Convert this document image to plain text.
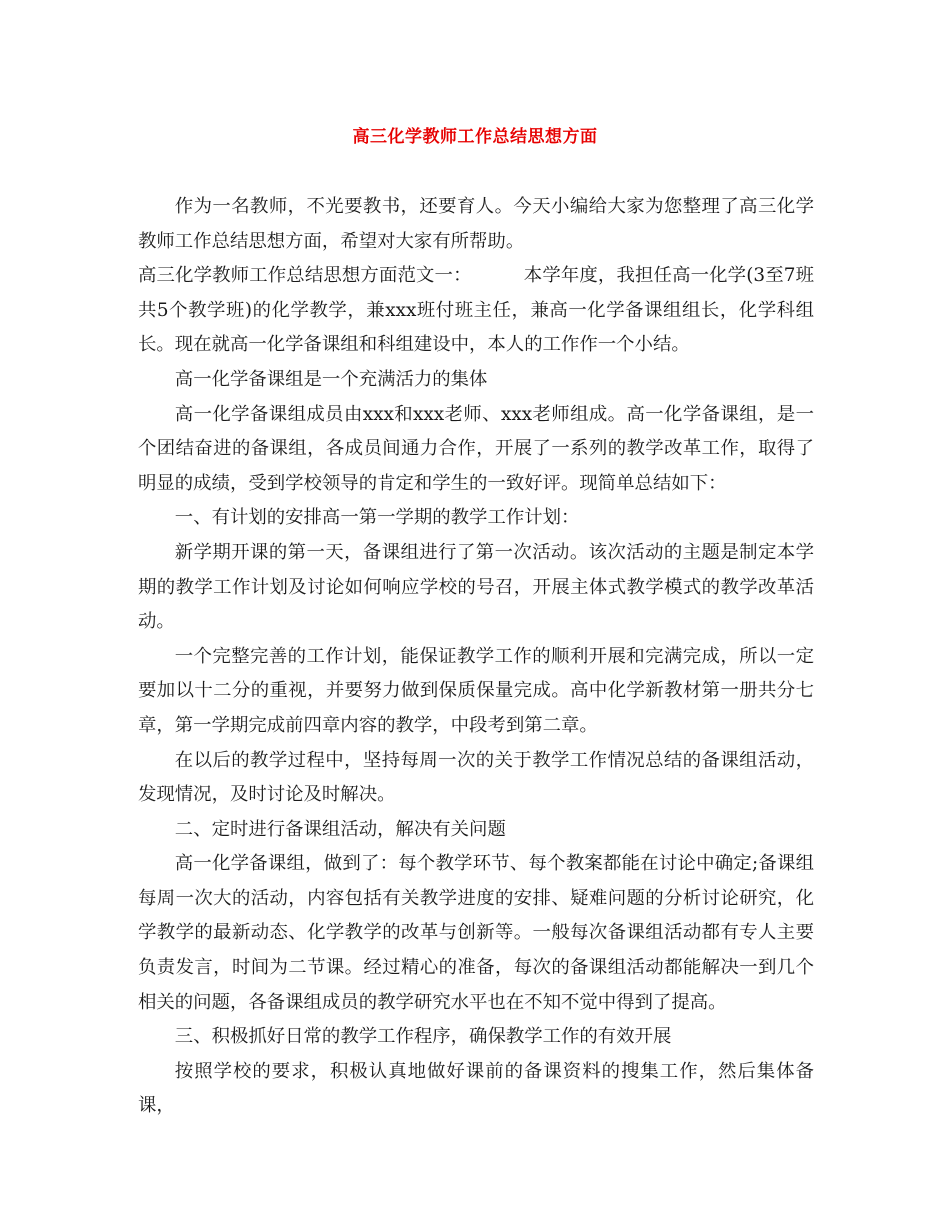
高三化学教师工作总结思想方面

作为一名教师，不光要教书，还要育人。今天小编给大家为您整理了高三化学教师工作总结思想方面，希望对大家有所帮助。

高三化学教师工作总结思想方面范文一：	本学年度，我担任高一化学(3至7班共5个教学班)的化学教学，兼xxx班付班主任，兼高一化学备课组组长，化学科组长。现在就高一化学备课组和科组建设中，本人的工作作一个小结。

高一化学备课组是一个充满活力的集体

高一化学备课组成员由xxx和xxx老师、xxx老师组成。高一化学备课组，是一个团结奋进的备课组，各成员间通力合作，开展了一系列的教学改革工作，取得了明显的成绩，受到学校领导的肯定和学生的一致好评。现简单总结如下：

一、有计划的安排高一第一学期的教学工作计划：

新学期开课的第一天，备课组进行了第一次活动。该次活动的主题是制定本学期的教学工作计划及讨论如何响应学校的号召，开展主体式教学模式的教学改革活动。

一个完整完善的工作计划，能保证教学工作的顺利开展和完满完成，所以一定要加以十二分的重视，并要努力做到保质保量完成。高中化学新教材第一册共分七章，第一学期完成前四章内容的教学，中段考到第二章。

在以后的教学过程中，坚持每周一次的关于教学工作情况总结的备课组活动，发现情况，及时讨论及时解决。

二、定时进行备课组活动，解决有关问题

高一化学备课组，做到了：每个教学环节、每个教案都能在讨论中确定;备课组每周一次大的活动，内容包括有关教学进度的安排、疑难问题的分析讨论研究，化学教学的最新动态、化学教学的改革与创新等。一般每次备课组活动都有专人主要负责发言，时间为二节课。经过精心的准备，每次的备课组活动都能解决一到几个相关的问题，各备课组成员的教学研究水平也在不知不觉中得到了提高。

三、积极抓好日常的教学工作程序，确保教学工作的有效开展

按照学校的要求，积极认真地做好课前的备课资料的搜集工作，然后集体备课，
